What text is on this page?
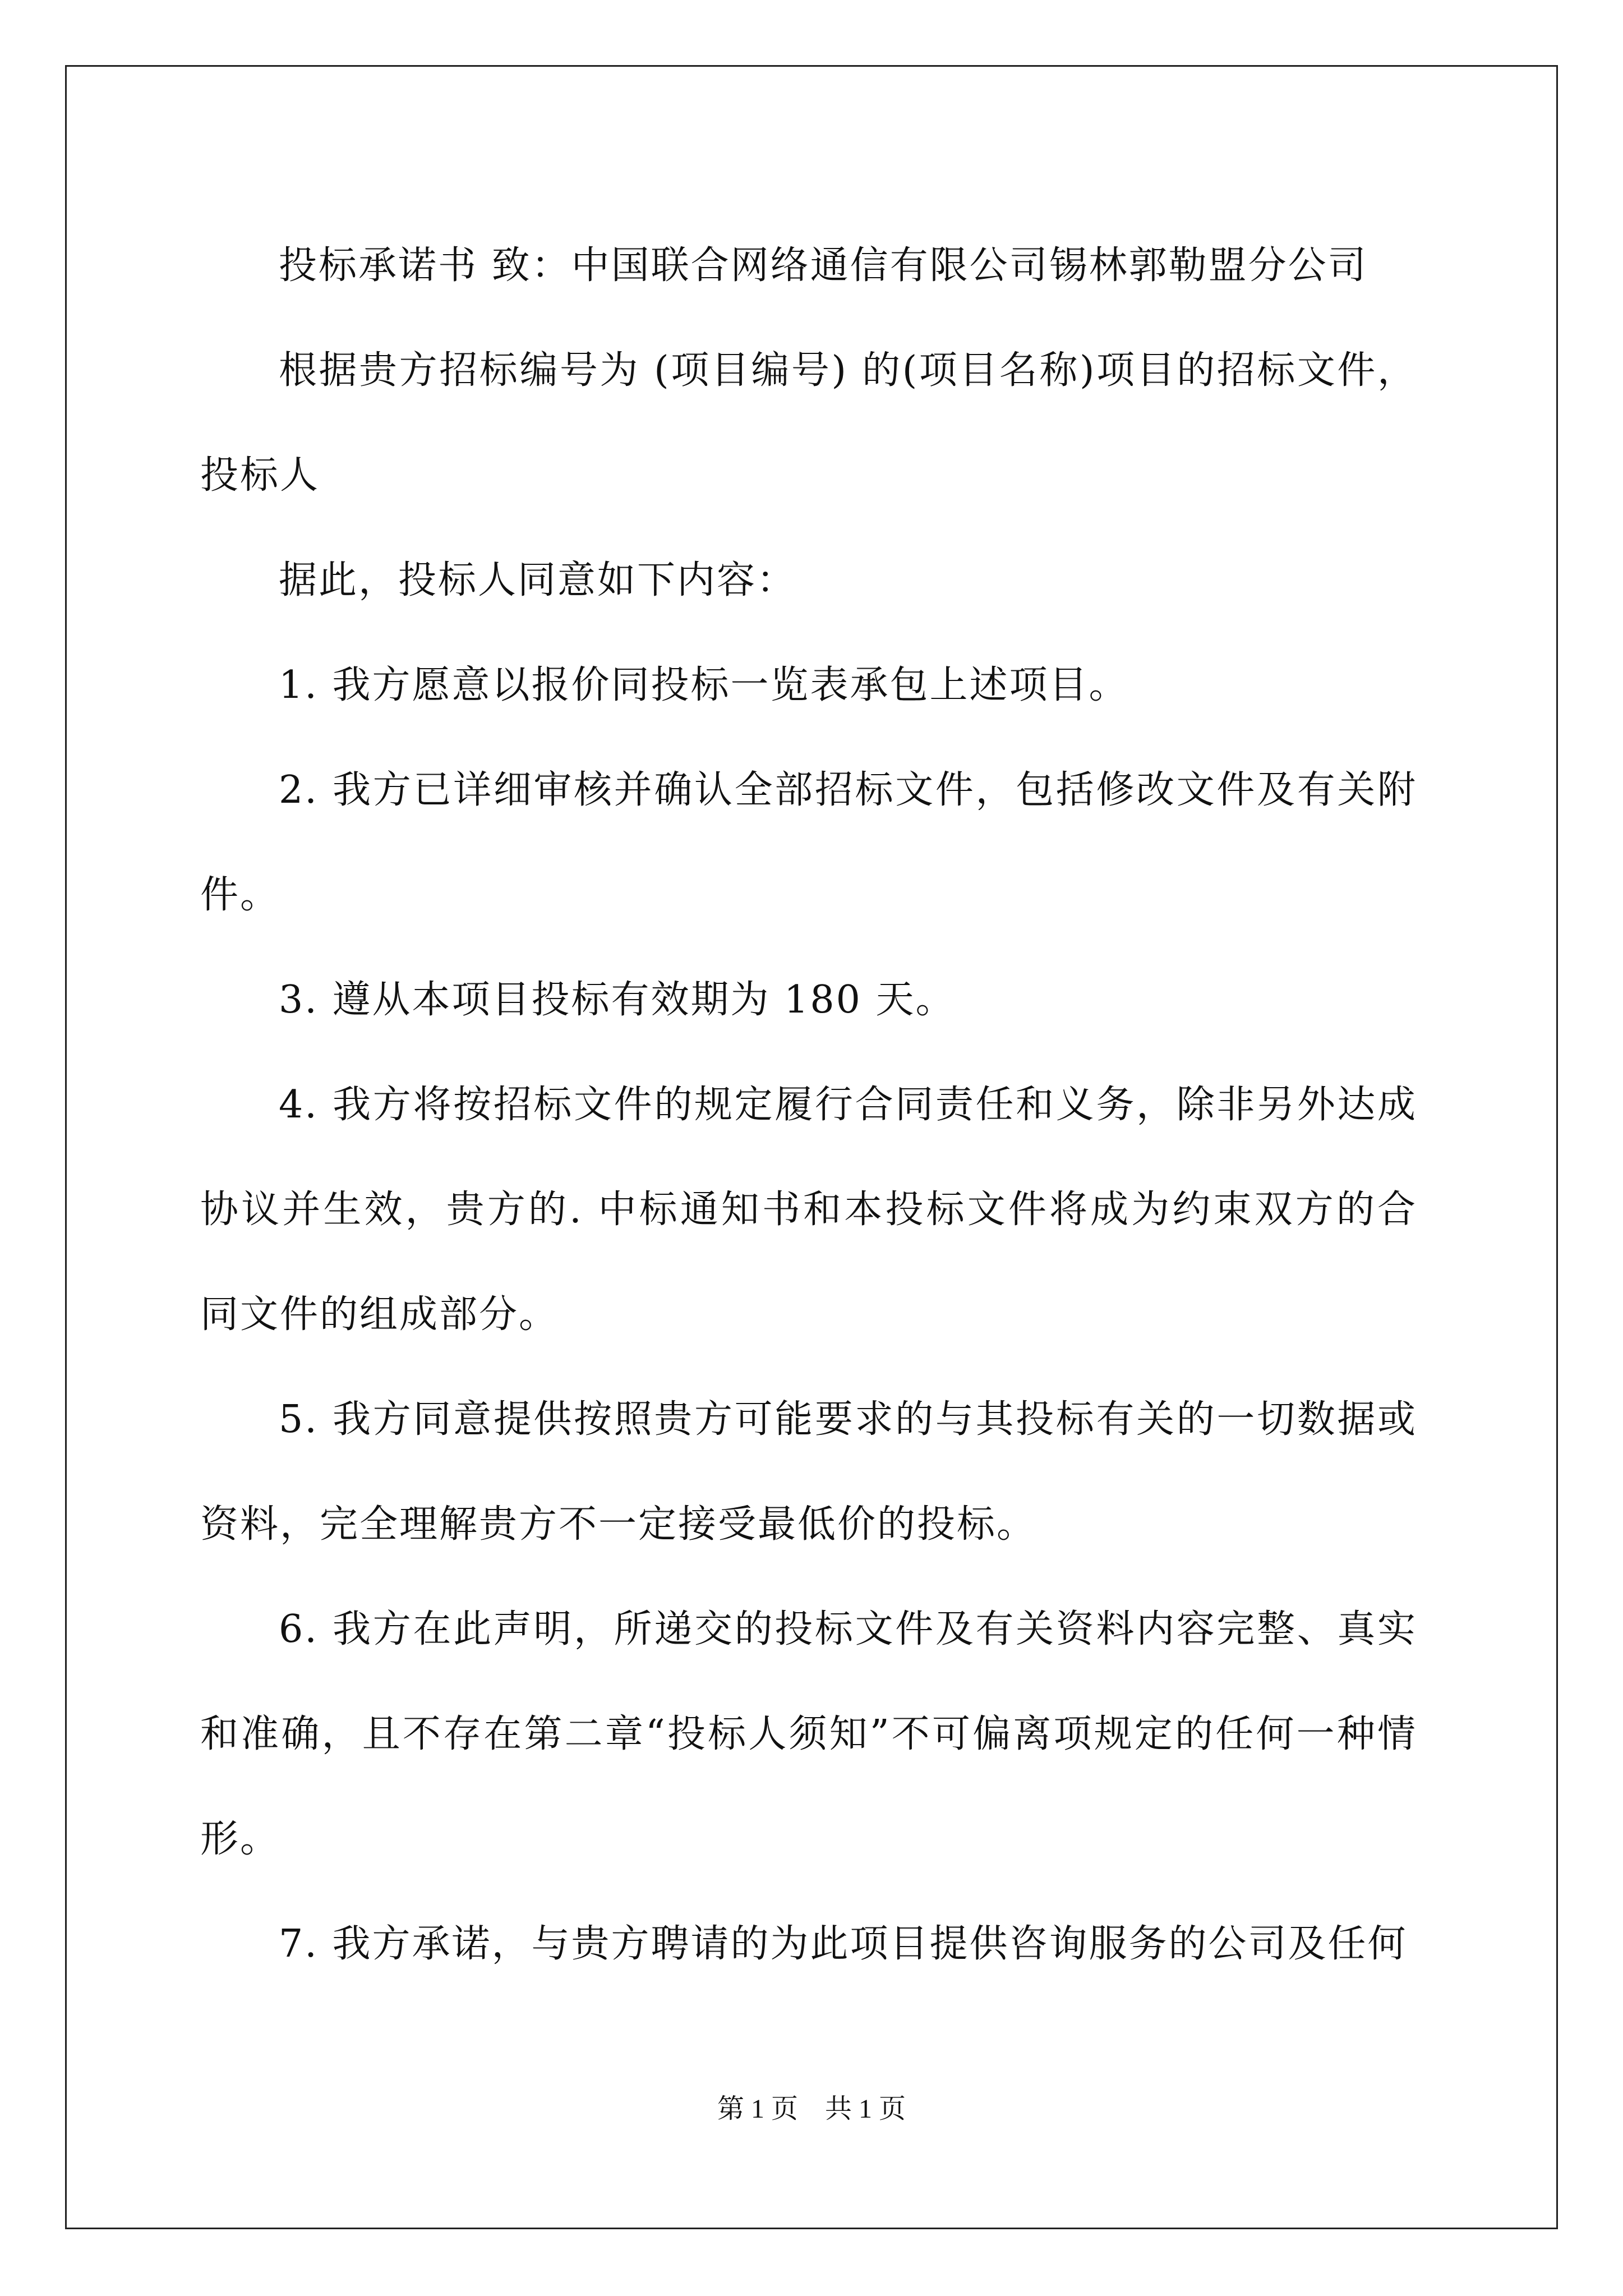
投标承诺书 致：中国联合网络通信有限公司锡林郭勒盟分公司

根据贵方招标编号为 (项目编号) 的(项目名称)项目的招标文件，投标人

据此，投标人同意如下内容：

1. 我方愿意以报价同投标一览表承包上述项目。

2. 我方已详细审核并确认全部招标文件，包括修改文件及有关附件。

3. 遵从本项目投标有效期为 180 天。

4. 我方将按招标文件的规定履行合同责任和义务，除非另外达成协议并生效，贵方的. 中标通知书和本投标文件将成为约束双方的合同文件的组成部分。

5. 我方同意提供按照贵方可能要求的与其投标有关的一切数据或资料，完全理解贵方不一定接受最低价的投标。

6. 我方在此声明，所递交的投标文件及有关资料内容完整、真实和准确，且不存在第二章“投标人须知”不可偏离项规定的任何一种情形。

7. 我方承诺，与贵方聘请的为此项目提供咨询服务的公司及任何

第 1 页　共 1 页
